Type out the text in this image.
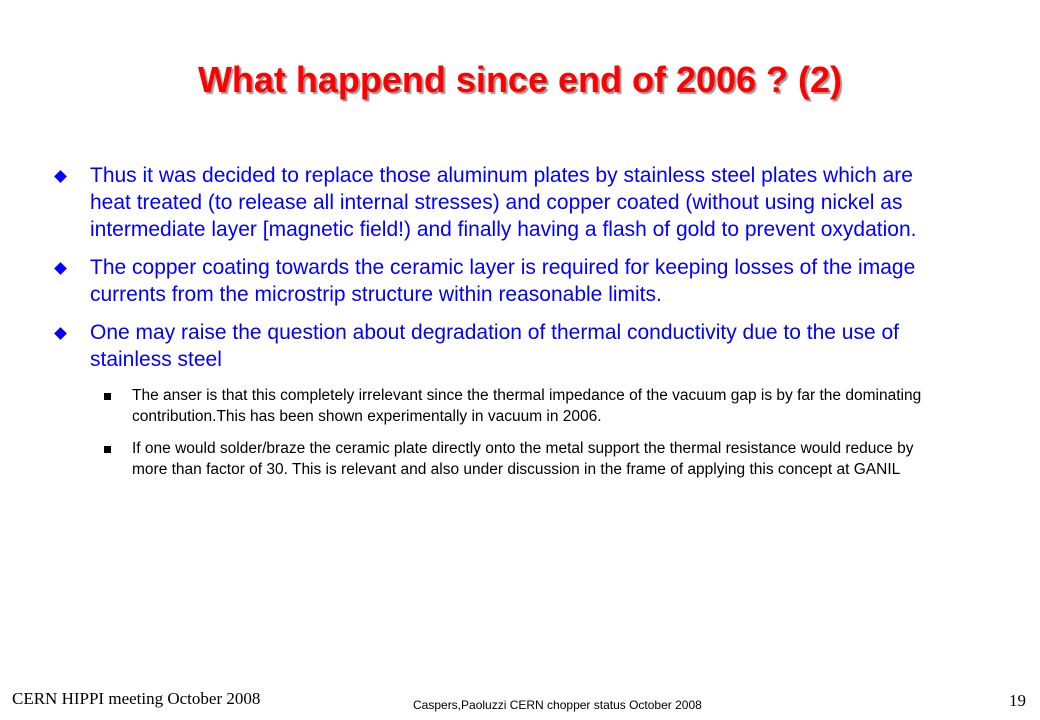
What happend since end of 2006 ? (2)
Thus it was decided to replace those aluminum plates by stainless steel plates which are heat treated (to release all internal stresses) and copper coated (without using nickel as intermediate layer [magnetic field!) and finally having a flash of gold to prevent oxydation.
The copper coating towards the ceramic layer is required for keeping losses of the image currents from the microstrip structure within reasonable limits.
One may raise the question about degradation of thermal conductivity due to the use of stainless steel
The anser is that this completely irrelevant since the thermal impedance of the vacuum gap is by far the dominating contribution.This has been shown experimentally in vacuum in 2006.
If one would solder/braze the ceramic plate directly onto the metal support the thermal resistance would reduce by more than factor of 30. This is relevant and also under discussion in the frame of applying this concept at GANIL
CERN HIPPI meeting October 2008	Caspers,Paoluzzi CERN chopper status October 2008	19
